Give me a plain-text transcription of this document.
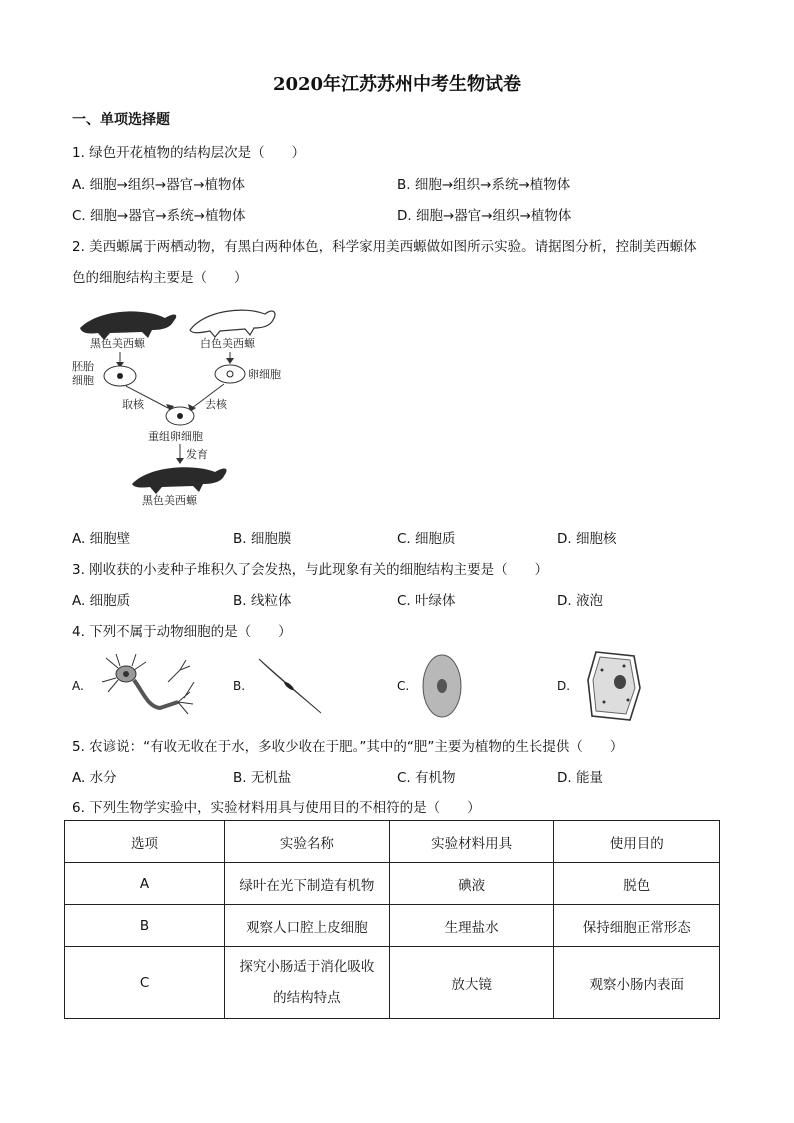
2020年江苏苏州中考生物试卷
一、单项选择题
1. 绿色开花植物的结构层次是（　　）
A. 细胞→组织→器官→植物体	B. 细胞→组织→系统→植物体
C. 细胞→器官→系统→植物体	D. 细胞→器官→组织→植物体
2. 美西螈属于两栖动物，有黑白两种体色，科学家用美西螈做如图所示实验。请据图分析，控制美西螈体
色的细胞结构主要是（　　）
黑色美西螈	白色美西螈
胚胎
细胞	卵细胞
取核	去核
重组卵细胞
发育
黑色美西螈
A. 细胞壁	B. 细胞膜	C. 细胞质	D. 细胞核
3. 刚收获的小麦种子堆积久了会发热，与此现象有关的细胞结构主要是（　　）
A. 细胞质	B. 线粒体	C. 叶绿体	D. 液泡
4. 下列不属于动物细胞的是（　　）
A.	B.	C.	D.
5. 农谚说：“有收无收在于水，多收少收在于肥。”其中的“肥”主要为植物的生长提供（　　）
A. 水分	B. 无机盐	C. 有机物	D. 能量
6. 下列生物学实验中，实验材料用具与使用目的不相符的是（　　）
选项	实验名称	实验材料用具	使用目的
A	绿叶在光下制造有机物	碘液	脱色
B	观察人口腔上皮细胞	生理盐水	保持细胞正常形态
C	探究小肠适于消化吸收
的结构特点	放大镜	观察小肠内表面
